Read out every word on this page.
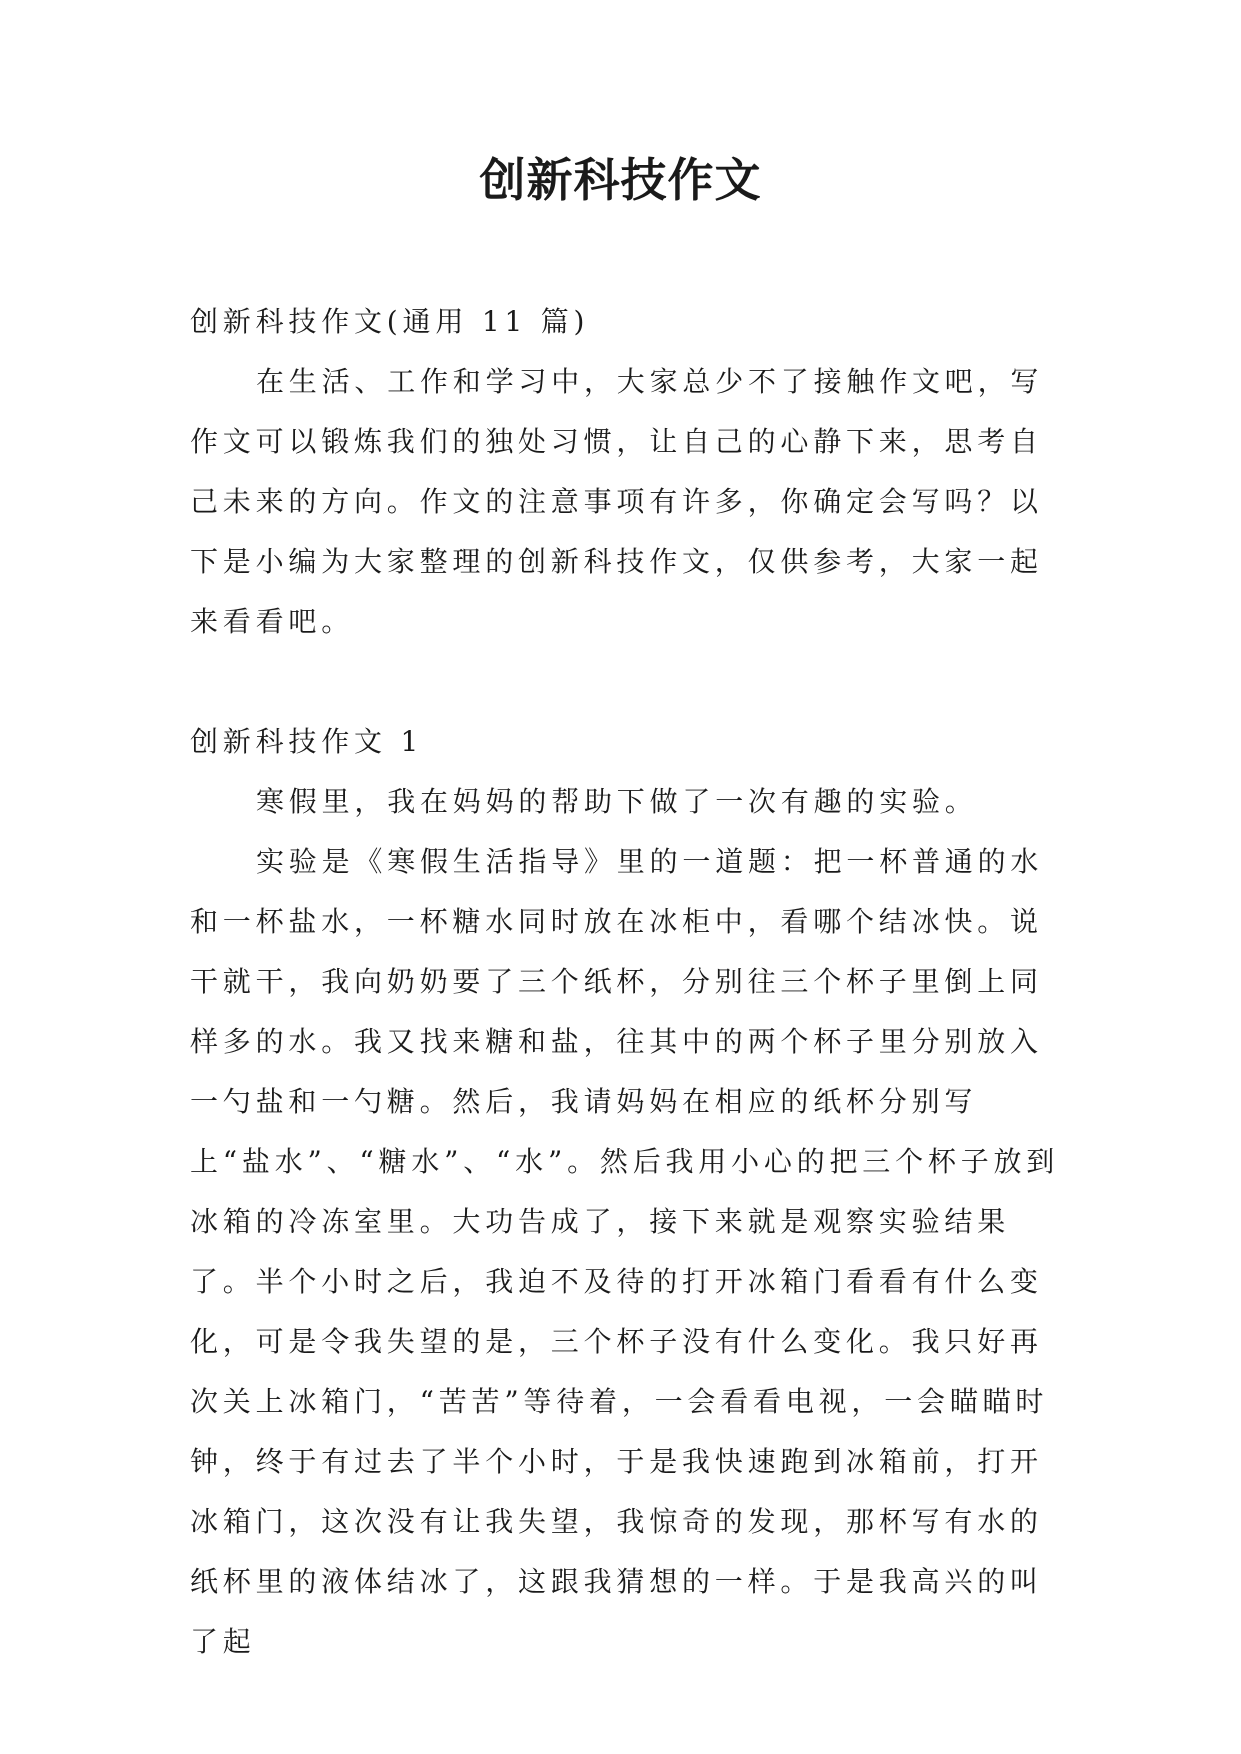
创新科技作文

创新科技作文(通用 11 篇)

在生活、工作和学习中，大家总少不了接触作文吧，写作文可以锻炼我们的独处习惯，让自己的心静下来，思考自己未来的方向。作文的注意事项有许多，你确定会写吗？以下是小编为大家整理的创新科技作文，仅供参考，大家一起来看看吧。

创新科技作文 1

寒假里，我在妈妈的帮助下做了一次有趣的实验。

实验是《寒假生活指导》里的一道题：把一杯普通的水和一杯盐水，一杯糖水同时放在冰柜中，看哪个结冰快。说干就干，我向奶奶要了三个纸杯，分别往三个杯子里倒上同样多的水。我又找来糖和盐，往其中的两个杯子里分别放入一勺盐和一勺糖。然后，我请妈妈在相应的纸杯分别写上“盐水”、“糖水”、“水”。然后我用小心的把三个杯子放到冰箱的冷冻室里。大功告成了，接下来就是观察实验结果了。半个小时之后，我迫不及待的打开冰箱门看看有什么变化，可是令我失望的是，三个杯子没有什么变化。我只好再次关上冰箱门，“苦苦”等待着，一会看看电视，一会瞄瞄时钟，终于有过去了半个小时，于是我快速跑到冰箱前，打开冰箱门，这次没有让我失望，我惊奇的发现，那杯写有水的纸杯里的液体结冰了，这跟我猜想的一样。于是我高兴的叫了起
